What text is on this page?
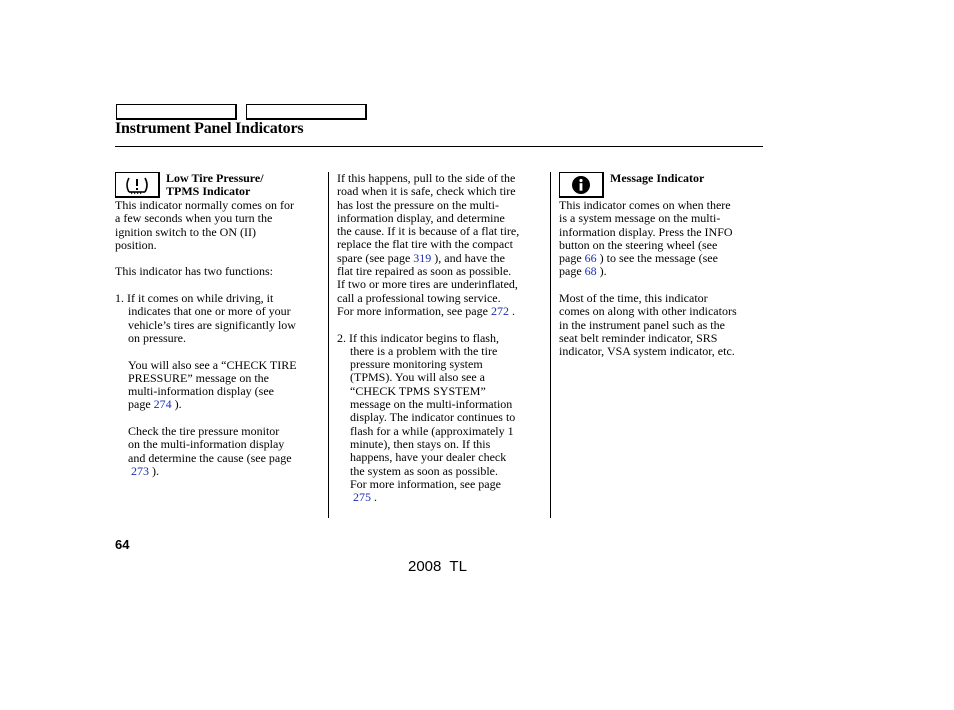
Instrument Panel Indicators

Low Tire Pressure/

TPMS Indicator

This indicator normally comes on for

a few seconds when you turn the

ignition switch to the ON (II)

position.

This indicator has two functions:

1. If it comes on while driving, it

indicates that one or more of your

vehicle’s tires are significantly low

on pressure.

You will also see a “CHECK TIRE

PRESSURE” message on the

multi-information display (see

page 274 ).

Check the tire pressure monitor

on the multi-information display

and determine the cause (see page

273 ).

If this happens, pull to the side of the

road when it is safe, check which tire

has lost the pressure on the multi-

information display, and determine

the cause. If it is because of a flat tire,

replace the flat tire with the compact

spare (see page 319 ), and have the

flat tire repaired as soon as possible.

If two or more tires are underinflated,

call a professional towing service.

For more information, see page 272 .

2. If this indicator begins to flash,

there is a problem with the tire

pressure monitoring system

(TPMS). You will also see a

“CHECK TPMS SYSTEM”

message on the multi-information

display. The indicator continues to

flash for a while (approximately 1

minute), then stays on. If this

happens, have your dealer check

the system as soon as possible.

For more information, see page

275 .

Message Indicator

This indicator comes on when there

is a system message on the multi-

information display. Press the INFO

button on the steering wheel (see

page 66 ) to see the message (see

page 68 ).

Most of the time, this indicator

comes on along with other indicators

in the instrument panel such as the

seat belt reminder indicator, SRS

indicator, VSA system indicator, etc.

64
2008  TL
